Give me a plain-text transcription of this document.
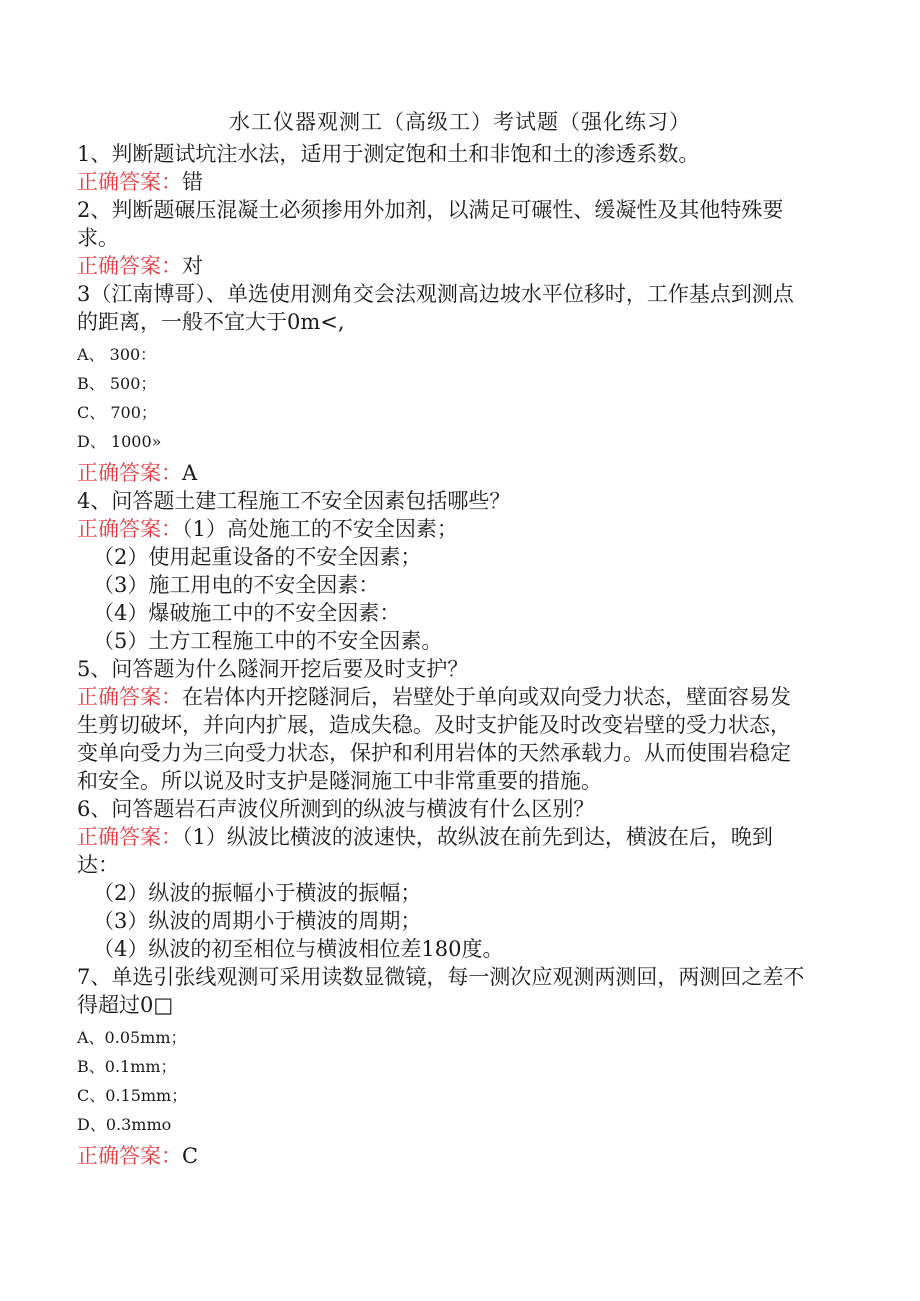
水工仪器观测工（高级工）考试题（强化练习）
1、判断题试坑注水法，适用于测定饱和土和非饱和土的渗透系数。
正确答案：错
2、判断题碾压混凝土必须掺用外加剂，以满足可碾性、缓凝性及其他特殊要
求。
正确答案：对
3（江南博哥）、单选使用测角交会法观测高边坡水平位移时，工作基点到测点
的距离，一般不宜大于0m<,
A、 300：
B、 500；
C、 700；
D、 1000»
正确答案：A
4、问答题土建工程施工不安全因素包括哪些？
正确答案：（1）高处施工的不安全因素；
（2）使用起重设备的不安全因素；
（3）施工用电的不安全因素：
（4）爆破施工中的不安全因素：
（5）土方工程施工中的不安全因素。
5、问答题为什么隧洞开挖后要及时支护？
正确答案：在岩体内开挖隧洞后，岩壁处于单向或双向受力状态，壁面容易发
生剪切破坏，并向内扩展，造成失稳。及时支护能及时改变岩壁的受力状态，
变单向受力为三向受力状态，保护和利用岩体的天然承载力。从而使围岩稳定
和安全。所以说及时支护是隧洞施工中非常重要的措施。
6、问答题岩石声波仪所测到的纵波与横波有什么区别？
正确答案：（1）纵波比横波的波速快，故纵波在前先到达，横波在后，晚到
达：
（2）纵波的振幅小于横波的振幅；
（3）纵波的周期小于横波的周期；
（4）纵波的初至相位与横波相位差180度。
7、单选引张线观测可采用读数显微镜，每一测次应观测两测回，两测回之差不
得超过0□
A、0.05mm；
B、0.1mm；
C、0.15mm；
D、0.3mmo
正确答案：C
